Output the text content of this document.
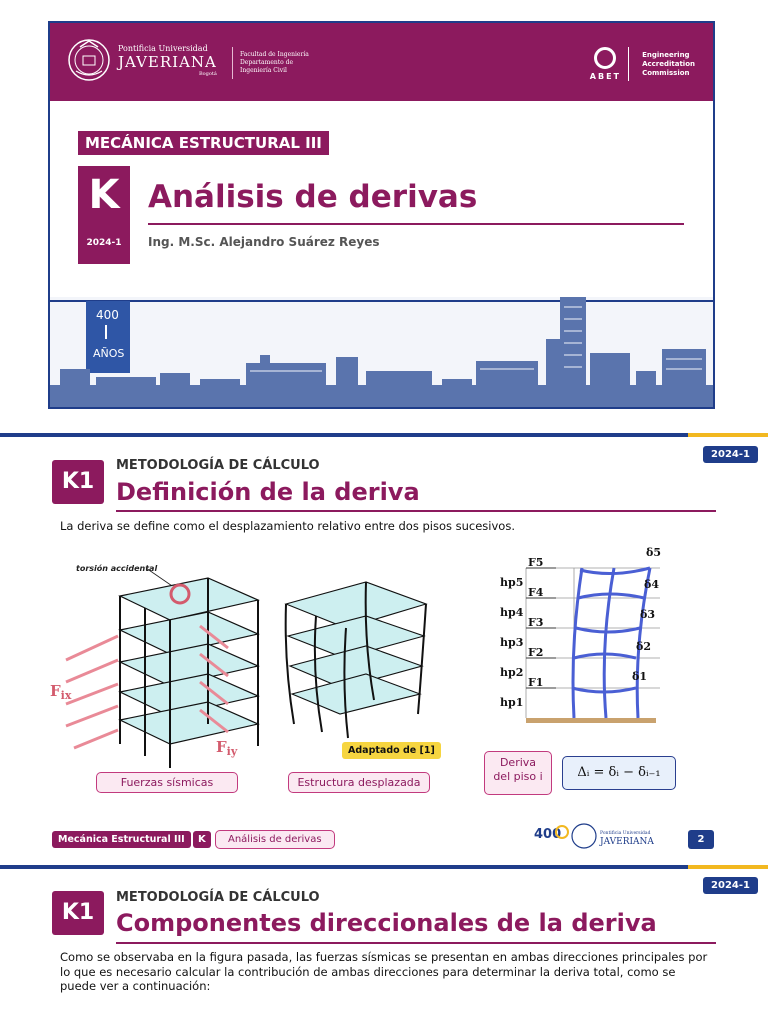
Pontificia Universidad
JAVERIANA
Bogotá
Facultad de Ingeniería
Departamento de
Ingeniería Civil
ABET
Engineering
Accreditation
Commission
MECÁNICA ESTRUCTURAL III
K
2024-1
Análisis de derivas
Ing. M.Sc. Alejandro Suárez Reyes
400
AÑOS
2024-1
K1
METODOLOGÍA DE CÁLCULO
Definición de la deriva
La deriva se define como el desplazamiento relativo entre dos pisos sucesivos.
torsión accidental
$F_{ix}$
$F_{iy}$
F5
F4
F3
F2
F1
hp5
hp4
hp3
hp2
hp1
δ5
δ4
δ3
δ2
δ1
Adaptado de [1]
Fuerzas sísmicas	Estructura desplazada
Deriva del piso i	Δᵢ = δᵢ − δᵢ₋₁
Mecánica Estructural III	K	Análisis de derivas	400	Pontificia Universidad
JAVERIANA	2
2024-1
K1
METODOLOGÍA DE CÁLCULO
Componentes direccionales de la deriva
Como se observaba en la figura pasada, las fuerzas sísmicas se presentan en ambas direcciones principales por lo que es necesario calcular la contribución de ambas direcciones para determinar la deriva total, como se puede ver a continuación:
